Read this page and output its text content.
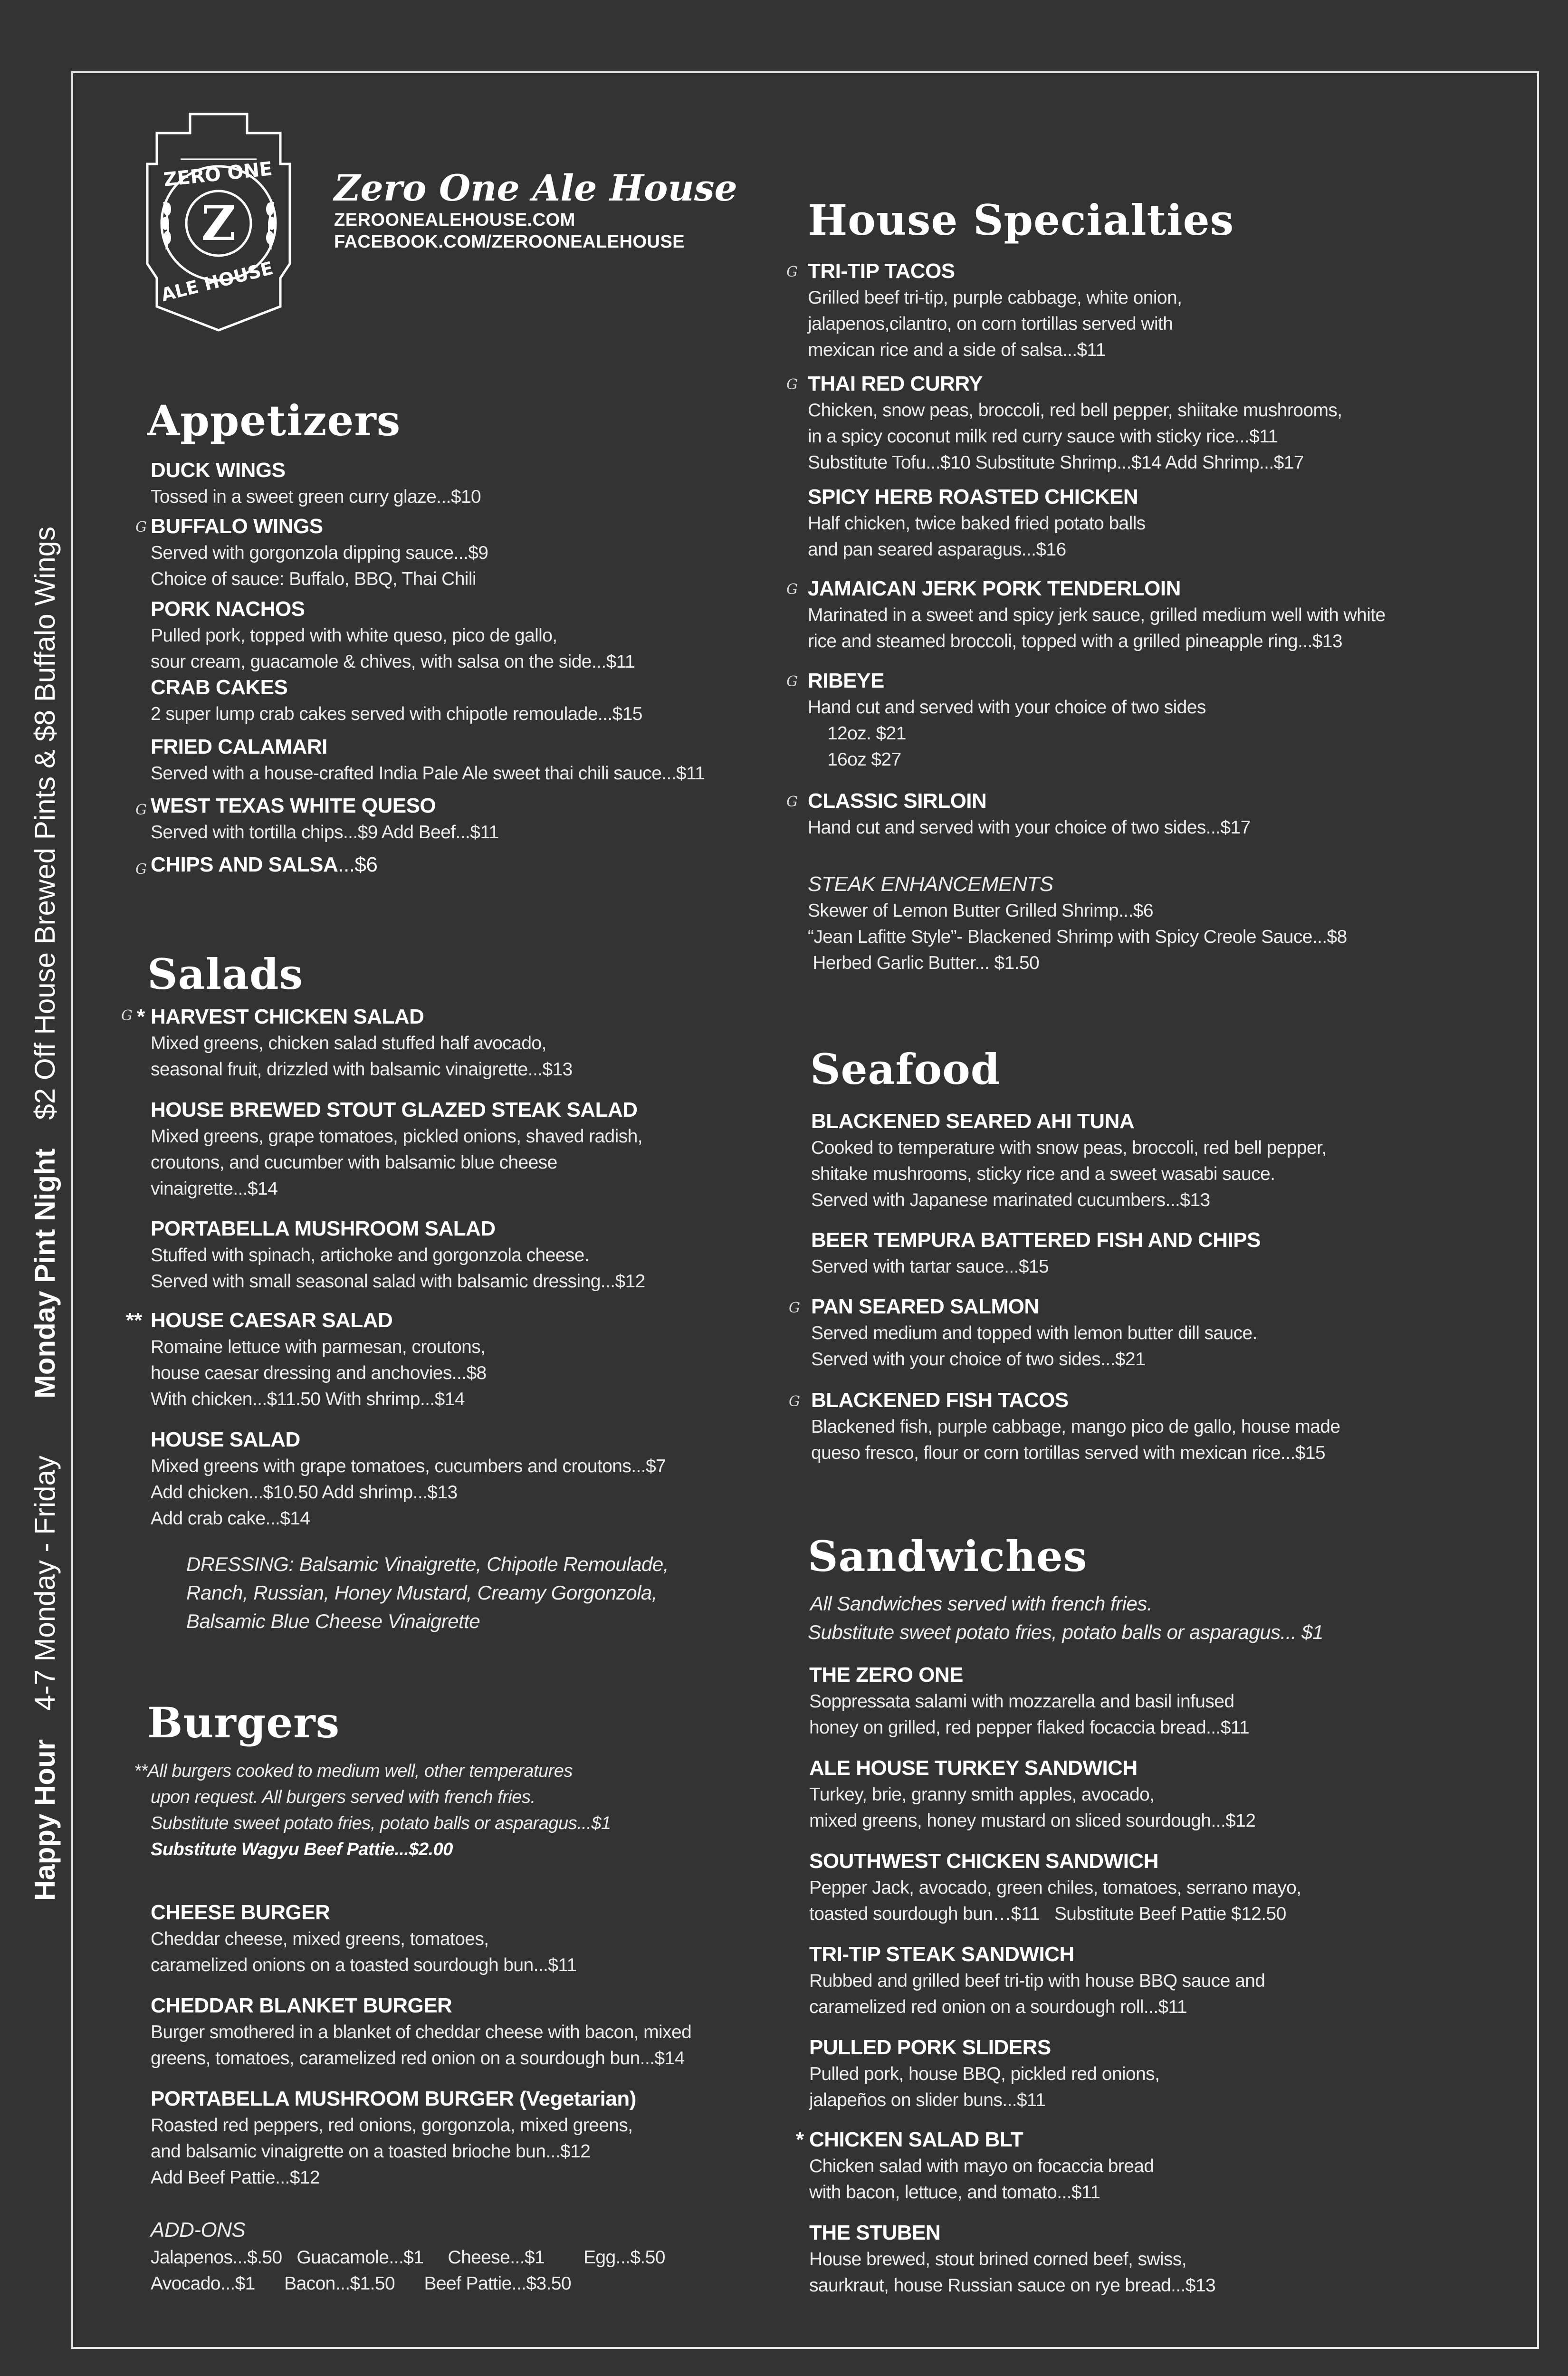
Happy Hour4-7 Monday - FridayMonday Pint Night$2 Off House Brewed Pints & $8 Buffalo Wings
ZERO ONE
Z
ALE HOUSE
Zero One Ale House
ZEROONEALEHOUSE.COM
FACEBOOK.COM/ZEROONEALEHOUSE
Appetizers
DUCK WINGS
Tossed in a sweet green curry glaze...$10
BUFFALO WINGS
Served with gorgonzola dipping sauce...$9
Choice of sauce: Buffalo, BBQ, Thai Chili
PORK NACHOS
Pulled pork, topped with white queso, pico de gallo,
sour cream, guacamole & chives, with salsa on the side...$11
CRAB CAKES
2 super lump crab cakes served with chipotle remoulade...$15
FRIED CALAMARI
Served with a house-crafted India Pale Ale sweet thai chili sauce...$11
WEST TEXAS WHITE QUESO
Served with tortilla chips...$9 Add Beef...$11
CHIPS AND SALSA...$6
G
G
G
Salads
G *
**
HARVEST CHICKEN SALAD
Mixed greens, chicken salad stuffed half avocado,
seasonal fruit, drizzled with balsamic vinaigrette...$13
HOUSE BREWED STOUT GLAZED STEAK SALAD
Mixed greens, grape tomatoes, pickled onions, shaved radish,
croutons, and cucumber with balsamic blue cheese
vinaigrette...$14
PORTABELLA MUSHROOM SALAD
Stuffed with spinach, artichoke and gorgonzola cheese.
Served with small seasonal salad with balsamic dressing...$12
HOUSE CAESAR SALAD
Romaine lettuce with parmesan, croutons,
house caesar dressing and anchovies...$8
With chicken...$11.50 With shrimp...$14
HOUSE SALAD
Mixed greens with grape tomatoes, cucumbers and croutons...$7
Add chicken...$10.50 Add shrimp...$13
Add crab cake...$14
DRESSING: Balsamic Vinaigrette, Chipotle Remoulade,
Ranch, Russian, Honey Mustard, Creamy Gorgonzola,
Balsamic Blue Cheese Vinaigrette
Burgers
**All burgers cooked to medium well, other temperatures
upon request. All burgers served with french fries.
Substitute sweet potato fries, potato balls or asparagus...$1
Substitute Wagyu Beef Pattie...$2.00
CHEESE BURGER
Cheddar cheese, mixed greens, tomatoes,
caramelized onions on a toasted sourdough bun...$11
CHEDDAR BLANKET BURGER
Burger smothered in a blanket of cheddar cheese with bacon, mixed
greens, tomatoes, caramelized red onion on a sourdough bun...$14
PORTABELLA MUSHROOM BURGER (Vegetarian)
Roasted red peppers, red onions, gorgonzola, mixed greens,
and balsamic vinaigrette on a toasted brioche bun...$12
Add Beef Pattie...$12
ADD-ONS
Jalapenos...$.50   Guacamole...$1     Cheese...$1        Egg...$.50
Avocado...$1      Bacon...$1.50      Beef Pattie...$3.50
House Specialties
TRI-TIP TACOS
Grilled beef tri-tip, purple cabbage, white onion,
jalapenos,cilantro, on corn tortillas served with
mexican rice and a side of salsa...$11
THAI RED CURRY
Chicken, snow peas, broccoli, red bell pepper, shiitake mushrooms,
in a spicy coconut milk red curry sauce with sticky rice...$11
Substitute Tofu...$10 Substitute Shrimp...$14 Add Shrimp...$17
SPICY HERB ROASTED CHICKEN
Half chicken, twice baked fried potato balls
and pan seared asparagus...$16
JAMAICAN JERK PORK TENDERLOIN
Marinated in a sweet and spicy jerk sauce, grilled medium well with white
rice and steamed broccoli, topped with a grilled pineapple ring...$13
RIBEYE
Hand cut and served with your choice of two sides
12oz. $21
16oz $27
CLASSIC SIRLOIN
Hand cut and served with your choice of two sides...$17
STEAK ENHANCEMENTS
Skewer of Lemon Butter Grilled Shrimp...$6
“Jean Lafitte Style”- Blackened Shrimp with Spicy Creole Sauce...$8
Herbed Garlic Butter... $1.50
G
G
G
G
G
Seafood
BLACKENED SEARED AHI TUNA
Cooked to temperature with snow peas, broccoli, red bell pepper,
shitake mushrooms, sticky rice and a sweet wasabi sauce.
Served with Japanese marinated cucumbers...$13
BEER TEMPURA BATTERED FISH AND CHIPS
Served with tartar sauce...$15
PAN SEARED SALMON
Served medium and topped with lemon butter dill sauce.
Served with your choice of two sides...$21
BLACKENED FISH TACOS
Blackened fish, purple cabbage, mango pico de gallo, house made
queso fresco, flour or corn tortillas served with mexican rice...$15
G
G
Sandwiches
All Sandwiches served with french fries.
Substitute sweet potato fries, potato balls or asparagus... $1
*
THE ZERO ONE
Soppressata salami with mozzarella and basil infused
honey on grilled, red pepper flaked focaccia bread...$11
ALE HOUSE TURKEY SANDWICH
Turkey, brie, granny smith apples, avocado,
mixed greens, honey mustard on sliced sourdough...$12
SOUTHWEST CHICKEN SANDWICH
Pepper Jack, avocado, green chiles, tomatoes, serrano mayo,
toasted sourdough bun…$11   Substitute Beef Pattie $12.50
TRI-TIP STEAK SANDWICH
Rubbed and grilled beef tri-tip with house BBQ sauce and
caramelized red onion on a sourdough roll...$11
PULLED PORK SLIDERS
Pulled pork, house BBQ, pickled red onions,
jalapeños on slider buns...$11
CHICKEN SALAD BLT
Chicken salad with mayo on focaccia bread
with bacon, lettuce, and tomato...$11
THE STUBEN
House brewed, stout brined corned beef, swiss,
saurkraut, house Russian sauce on rye bread...$13
